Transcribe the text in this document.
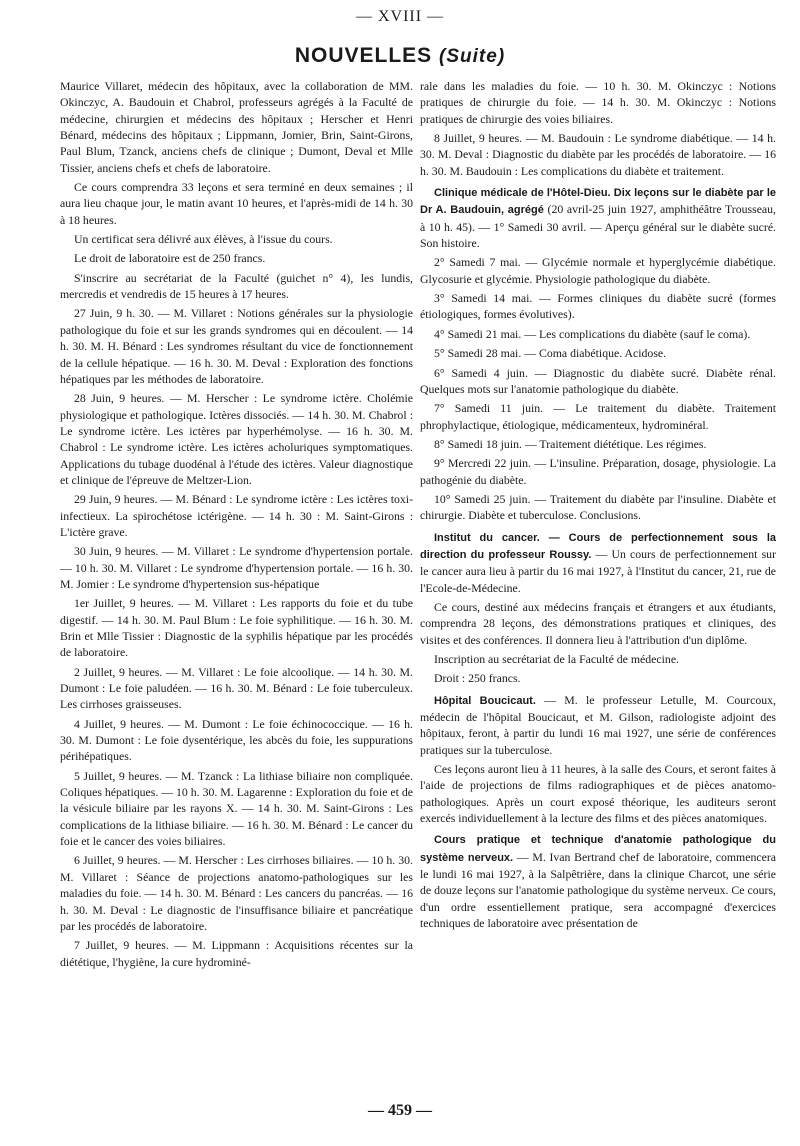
— XVIII —
NOUVELLES (Suite)

Maurice Villaret, médecin des hôpitaux, avec la collaboration de MM. Okinczyc, A. Baudouin et Chabrol, professeurs agrégés à la Faculté de médecine, chirurgien et médecins des hôpitaux ; Herscher et Henri Bénard, médecins des hôpitaux ; Lippmann, Jomier, Brin, Saint-Girons, Paul Blum, Tzanck, anciens chefs de clinique ; Dumont, Deval et Mlle Tissier, anciens chefs et chefs de laboratoire.

Ce cours comprendra 33 leçons et sera terminé en deux semaines ; il aura lieu chaque jour, le matin avant 10 heures, et l'après-midi de 14 h. 30 à 18 heures.

Un certificat sera délivré aux élèves, à l'issue du cours.

Le droit de laboratoire est de 250 francs.

S'inscrire au secrétariat de la Faculté (guichet n° 4), les lundis, mercredis et vendredis de 15 heures à 17 heures.

27 Juin, 9 h. 30. — M. Villaret : Notions générales sur la physiologie pathologique du foie et sur les grands syndromes qui en découlent. — 14 h. 30. M. H. Bénard : Les syndromes résultant du vice de fonctionnement de la cellule hépatique. — 16 h. 30. M. Deval : Exploration des fonctions hépatiques par les méthodes de laboratoire.

28 Juin, 9 heures. — M. Herscher : Le syndrome ictère. Cholémie physiologique et pathologique. Ictères dissociés. — 14 h. 30. M. Chabrol : Le syndrome ictère. Les ictères par hyperhémolyse. — 16 h. 30. M. Chabrol : Le syndrome ictère. Les ictères acholuriques symptomatiques. Applications du tubage duodénal à l'étude des ictères. Valeur diagnostique et clinique de l'épreuve de Meltzer-Lion.

29 Juin, 9 heures. — M. Bénard : Le syndrome ictère : Les ictères toxi-infectieux. La spirochétose ictérigène. — 14 h. 30 : M. Saint-Girons : L'ictère grave.

30 Juin, 9 heures. — M. Villaret : Le syndrome d'hypertension portale. — 10 h. 30. M. Villaret : Le syndrome d'hypertension portale. — 16 h. 30. M. Jomier : Le syndrome d'hypertension sus-hépatique

1er Juillet, 9 heures. — M. Villaret : Les rapports du foie et du tube digestif. — 14 h. 30. M. Paul Blum : Le foie syphilitique. — 16 h. 30. M. Brin et Mlle Tissier : Diagnostic de la syphilis hépatique par les procédés de laboratoire.

2 Juillet, 9 heures. — M. Villaret : Le foie alcoolique. — 14 h. 30. M. Dumont : Le foie paludéen. — 16 h. 30. M. Bénard : Le foie tuberculeux. Les cirrhoses graisseuses.

4 Juillet, 9 heures. — M. Dumont : Le foie échinococcique. — 16 h. 30. M. Dumont : Le foie dysentérique, les abcès du foie, les suppurations périhépatiques.

5 Juillet, 9 heures. — M. Tzanck : La lithiase biliaire non compliquée. Coliques hépatiques. — 10 h. 30. M. Lagarenne : Exploration du foie et de la vésicule biliaire par les rayons X. — 14 h. 30. M. Saint-Girons : Les complications de la lithiase biliaire. — 16 h. 30. M. Bénard : Le cancer du foie et le cancer des voies biliaires.

6 Juillet, 9 heures. — M. Herscher : Les cirrhoses biliaires. — 10 h. 30. M. Villaret : Séance de projections anatomo-pathologiques sur les maladies du foie. — 14 h. 30. M. Bénard : Les cancers du pancréas. — 16 h. 30. M. Deval : Le diagnostic de l'insuffisance biliaire et pancréatique par les procédés de laboratoire.

7 Juillet, 9 heures. — M. Lippmann : Acquisitions récentes sur la diététique, l'hygiène, la cure hydrominé-

rale dans les maladies du foie. — 10 h. 30. M. Okinczyc : Notions pratiques de chirurgie du foie. — 14 h. 30. M. Okinczyc : Notions pratiques de chirurgie des voies biliaires.

8 Juillet, 9 heures. — M. Baudouin : Le syndrome diabétique. — 14 h. 30. M. Deval : Diagnostic du diabète par les procédés de laboratoire. — 16 h. 30. M. Baudouin : Les complications du diabète et traitement.

Clinique médicale de l'Hôtel-Dieu. Dix leçons sur le diabète par le Dr A. Baudouin, agrégé (20 avril-25 juin 1927, amphithéâtre Trousseau, à 10 h. 45). — 1° Samedi 30 avril. — Aperçu général sur le diabète sucré. Son histoire.

2° Samedi 7 mai. — Glycémie normale et hyperglycémie diabétique. Glycosurie et glycémie. Physiologie pathologique du diabète.

3° Samedi 14 mai. — Formes cliniques du diabète sucré (formes étiologiques, formes évolutives).

4° Samedi 21 mai. — Les complications du diabète (sauf le coma).

5° Samedi 28 mai. — Coma diabétique. Acidose.

6° Samedi 4 juin. — Diagnostic du diabète sucré. Diabète rénal. Quelques mots sur l'anatomie pathologique du diabète.

7° Samedi 11 juin. — Le traitement du diabète. Traitement phrophylactique, étiologique, médicamenteux, hydrominéral.

8° Samedi 18 juin. — Traitement diététique. Les régimes.

9° Mercredi 22 juin. — L'insuline. Préparation, dosage, physiologie. La pathogénie du diabète.

10° Samedi 25 juin. — Traitement du diabète par l'insuline. Diabète et chirurgie. Diabète et tuberculose. Conclusions.

Institut du cancer. — Cours de perfectionnement sous la direction du professeur Roussy. — Un cours de perfectionnement sur le cancer aura lieu à partir du 16 mai 1927, à l'Institut du cancer, 21, rue de l'Ecole-de-Médecine.

Ce cours, destiné aux médecins français et étrangers et aux étudiants, comprendra 28 leçons, des démonstrations pratiques et cliniques, des visites et des conférences. Il donnera lieu à l'attribution d'un diplôme.

Inscription au secrétariat de la Faculté de médecine.

Droit : 250 francs.

Hôpital Boucicaut. — M. le professeur Letulle, M. Courcoux, médecin de l'hôpital Boucicaut, et M. Gilson, radiologiste adjoint des hôpitaux, feront, à partir du lundi 16 mai 1927, une série de conférences pratiques sur la tuberculose.

Ces leçons auront lieu à 11 heures, à la salle des Cours, et seront faites à l'aide de projections de films radiographiques et de pièces anatomo-pathologiques. Après un court exposé théorique, les auditeurs seront exercés individuellement à la lecture des films et des pièces anatomiques.

Cours pratique et technique d'anatomie pathologique du système nerveux. — M. Ivan Bertrand chef de laboratoire, commencera le lundi 16 mai 1927, à la Salpêtrière, dans la clinique Charcot, une série de douze leçons sur l'anatomie pathologique du système nerveux. Ce cours, d'un ordre essentiellement pratique, sera accompagné d'exercices techniques de laboratoire avec présentation de

— 459 —
